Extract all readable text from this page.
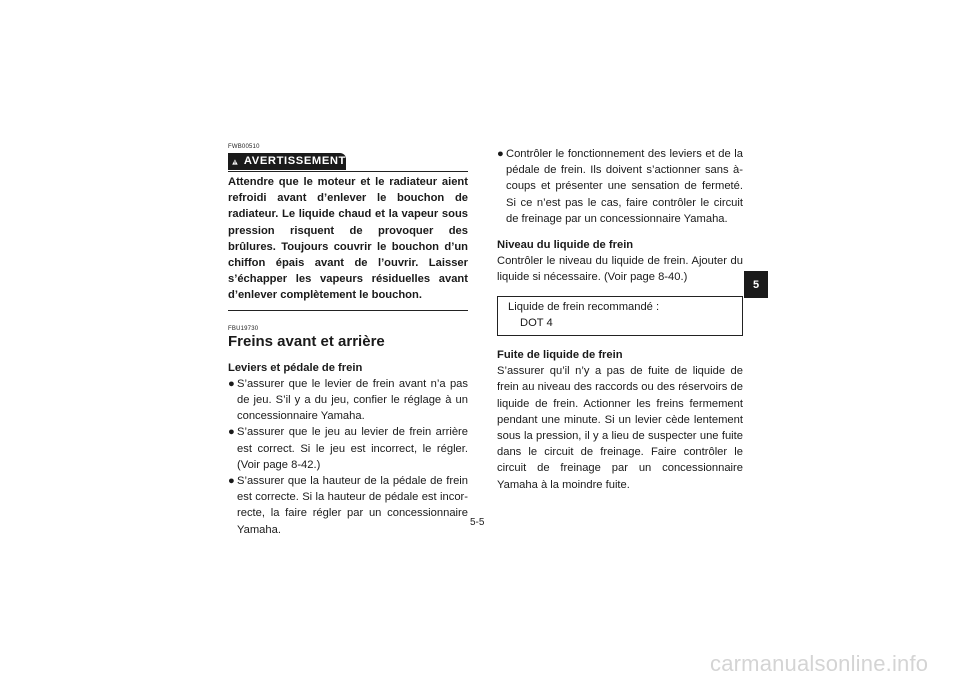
FWB00510
AVERTISSEMENT
Attendre que le moteur et le radiateur aient refroidi avant d’enlever le bouchon de radiateur. Le liquide chaud et la vapeur sous pression risquent de provoquer des brûlures. Toujours couvrir le bouchon d’un chiffon épais avant de l’ouvrir. Laisser s’échapper les vapeurs résiduelles avant d’enlever complètement le bouchon.
FBU19730
Freins avant et arrière
Leviers et pédale de frein
● S’assurer que le levier de frein avant n’a pas de jeu. S’il y a du jeu, confier le réglage à un concessionnaire Yamaha.
● S’assurer que le jeu au levier de frein arrière est correct. Si le jeu est incorrect, le régler. (Voir page 8-42.)
● S’assurer que la hauteur de la pédale de frein est correcte. Si la hauteur de pédale est incorrecte, la faire régler par un concessionnaire Yamaha.
● Contrôler le fonctionnement des leviers et de la pédale de frein. Ils doivent s’actionner sans à-coups et présenter une sensation de fermeté. Si ce n’est pas le cas, faire contrôler le circuit de freinage par un concessionnaire Yamaha.
Niveau du liquide de frein
Contrôler le niveau du liquide de frein. Ajouter du liquide si nécessaire. (Voir page 8-40.)
Liquide de frein recommandé :
DOT 4
Fuite de liquide de frein
S’assurer qu’il n’y a pas de fuite de liquide de frein au niveau des raccords ou des réservoirs de liquide de frein. Actionner les freins fermement pendant une minute. Si un levier cède lentement sous la pression, il y a lieu de suspecter une fuite dans le circuit de freinage. Faire contrôler le circuit de freinage par un concessionnaire Yamaha à la moindre fuite.
5
5-5
carmanualsonline.info
